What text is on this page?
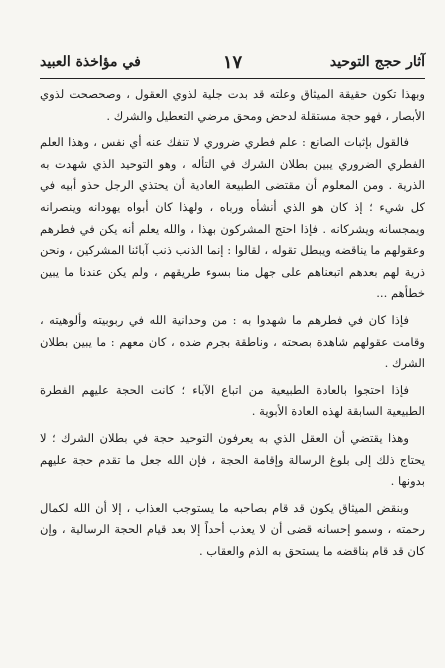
آثار حجج التوحيد
١٧
في مؤاخذة العبيد

وبهذا تكون حقيقة الميثاق وعلته قد بدت جلية لذوي العقول ، وصحصحت لذوي الأبصار ، فهو حجة مستقلة لدحض ومحق مرضي التعطيل والشرك .

فالقول بإثبات الصانع : علم فطري ضروري لا تنفك عنه أي نفس ، وهذا العلم الفطري الضروري يبين بطلان الشرك في التأله ، وهو التوحيد الذي شهدت به الذرية . ومن المعلوم أن مقتضى الطبيعة العادية أن يحتذي الرجل حذو أبيه في كل شيء ؛ إذ كان هو الذي أنشأه ورباه ، ولهذا كان أبواه يهودانه وينصرانه ويمجسانه ويشركانه . فإذا احتج المشركون بهذا ، والله يعلم أنه يكن في فطرهم وعقولهم ما يناقضه ويبطل تقوله ، لقالوا : إنما الذنب ذنب آبائنا المشركين ، ونحن ذرية لهم بعدهم اتبعناهم على جهل منا بسوء طريقهم ، ولم يكن عندنا ما يبين خطأهم ...

فإذا كان في فطرهم ما شهدوا به : من وحدانية الله في ربوبيته وألوهيته ، وقامت عقولهم شاهدة بصحته ، وناطقة بجرم ضده ، كان معهم : ما يبين بطلان الشرك .

فإذا احتجوا بالعادة الطبيعية من اتباع الآباء ؛ كانت الحجة عليهم الفطرة الطبيعية السابقة لهذه العادة الأبوية .

وهذا يقتضي أن العقل الذي به يعرفون التوحيد حجة في بطلان الشرك ؛ لا يحتاج ذلك إلى بلوغ الرسالة وإقامة الحجة ، فإن الله جعل ما تقدم حجة عليهم بدونها .

وبنقض الميثاق يكون قد قام بصاحبه ما يستوجب العذاب ، إلا أن الله لكمال رحمته ، وسمو إحسانه قضى أن لا يعذب أحداً إلا بعد قيام الحجة الرسالية ، وإن كان قد قام بناقضه ما يستحق به الذم والعقاب .
